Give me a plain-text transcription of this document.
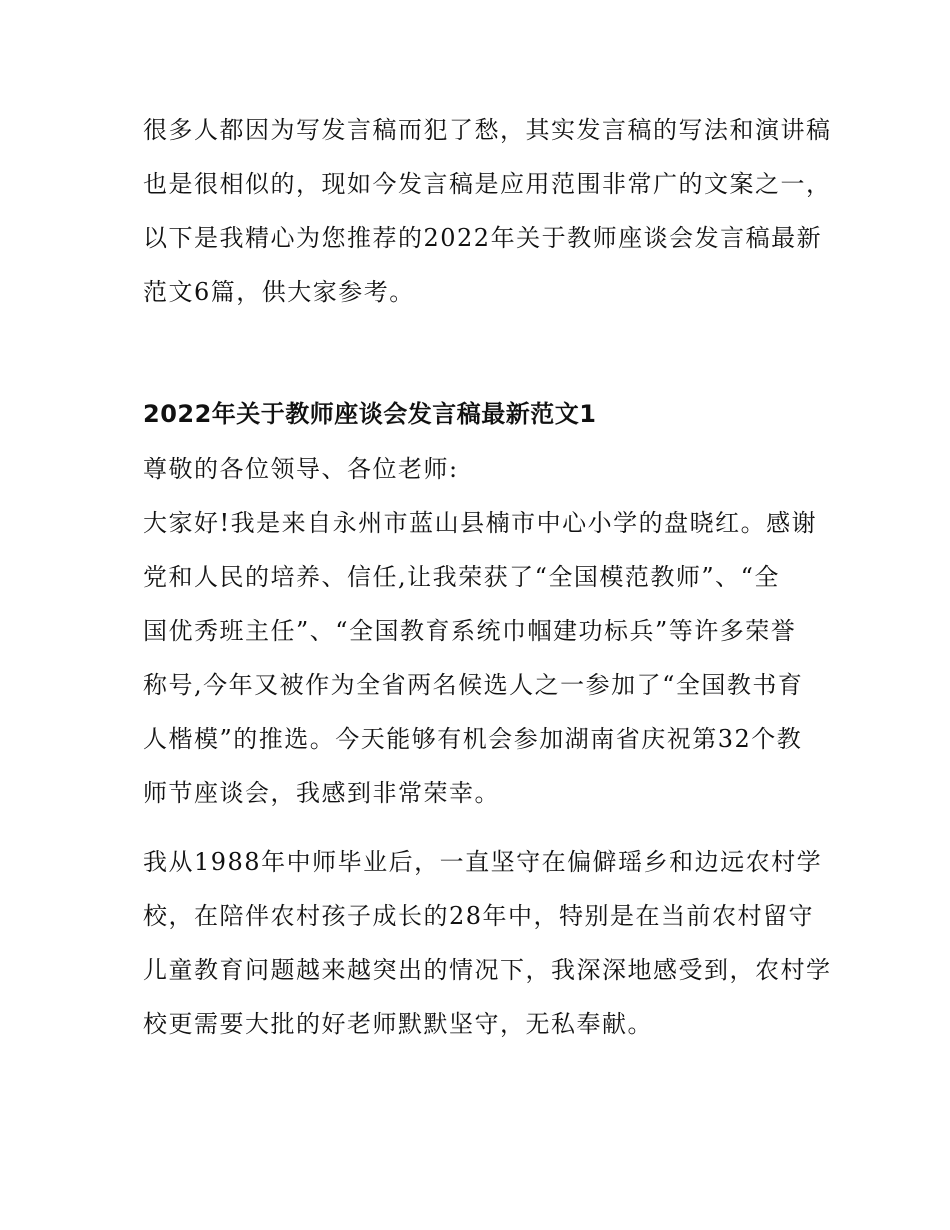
很多人都因为写发言稿而犯了愁，其实发言稿的写法和演讲稿
也是很相似的，现如今发言稿是应用范围非常广的文案之一，
以下是我精心为您推荐的2022年关于教师座谈会发言稿最新
范文6篇，供大家参考。
2022年关于教师座谈会发言稿最新范文1
尊敬的各位领导、各位老师:
大家好!我是来自永州市蓝山县楠市中心小学的盘晓红。感谢
党和人民的培养、信任,让我荣获了“全国模范教师”、“全
国优秀班主任”、“全国教育系统巾帼建功标兵”等许多荣誉
称号,今年又被作为全省两名候选人之一参加了“全国教书育
人楷模”的推选。今天能够有机会参加湖南省庆祝第32个教
师节座谈会，我感到非常荣幸。
我从1988年中师毕业后，一直坚守在偏僻瑶乡和边远农村学
校，在陪伴农村孩子成长的28年中，特别是在当前农村留守
儿童教育问题越来越突出的情况下，我深深地感受到，农村学
校更需要大批的好老师默默坚守，无私奉献。
